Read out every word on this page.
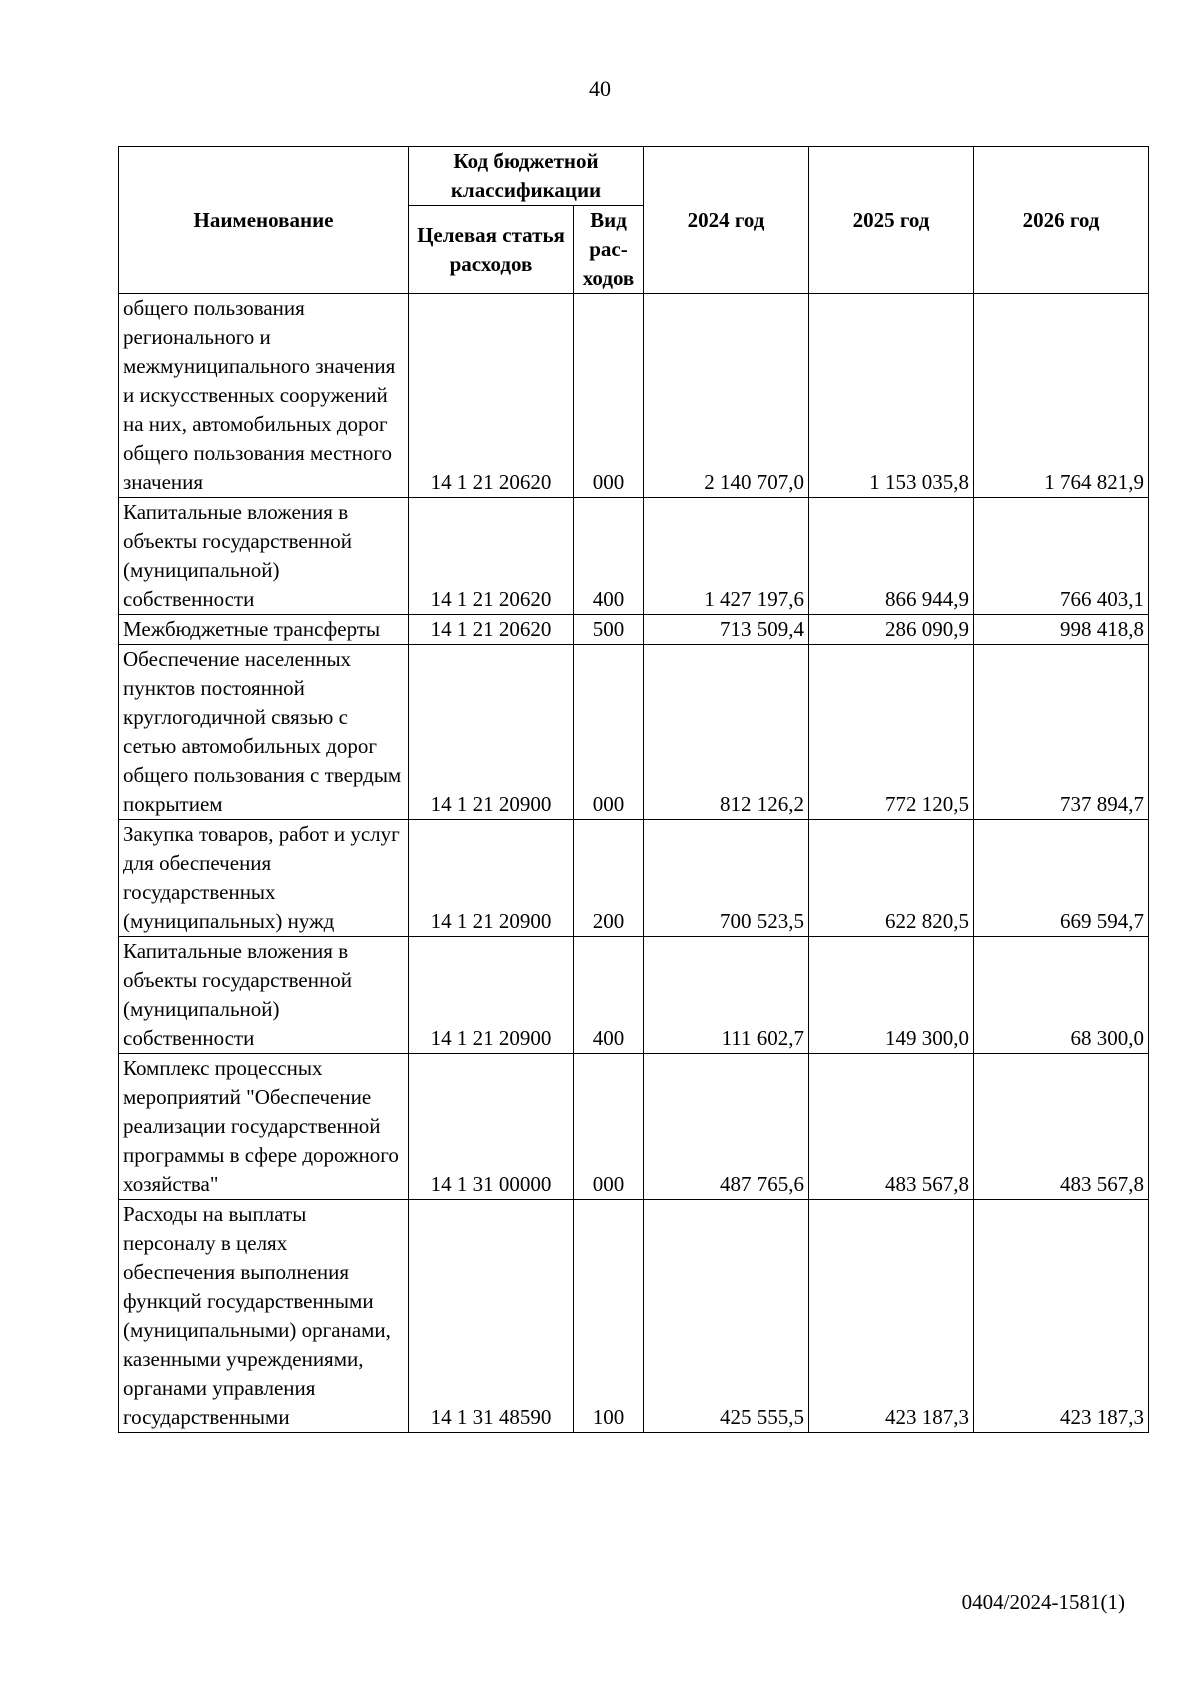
40
Наименование	Код бюджетной классификации		2024 год	2025 год	2026 год
	Целевая статья расходов	Вид рас-ходов			
общего пользования регионального и межмуниципального значения и искусственных сооружений на них, автомобильных дорог общего пользования местного значения	14 1 21 20620	000	2 140 707,0	1 153 035,8	1 764 821,9
Капитальные вложения в объекты государственной (муниципальной) собственности	14 1 21 20620	400	1 427 197,6	866 944,9	766 403,1
Межбюджетные трансферты	14 1 21 20620	500	713 509,4	286 090,9	998 418,8
Обеспечение населенных пунктов постоянной круглогодичной связью с сетью автомобильных дорог общего пользования с твердым покрытием	14 1 21 20900	000	812 126,2	772 120,5	737 894,7
Закупка товаров, работ и услуг для обеспечения государственных (муниципальных) нужд	14 1 21 20900	200	700 523,5	622 820,5	669 594,7
Капитальные вложения в объекты государственной (муниципальной) собственности	14 1 21 20900	400	111 602,7	149 300,0	68 300,0
Комплекс процессных мероприятий "Обеспечение реализации государственной программы в сфере дорожного хозяйства"	14 1 31 00000	000	487 765,6	483 567,8	483 567,8
Расходы на выплаты персоналу в целях обеспечения выполнения функций государственными (муниципальными) органами, казенными учреждениями, органами управления государственными	14 1 31 48590	100	425 555,5	423 187,3	423 187,3
0404/2024-1581(1)
